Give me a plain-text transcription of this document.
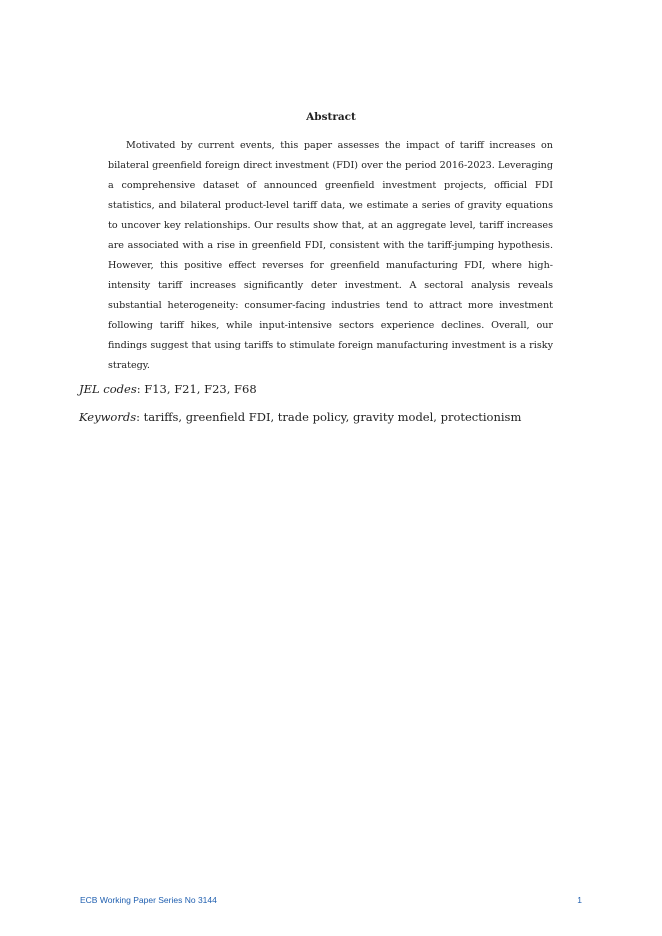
Abstract

Motivated by current events, this paper assesses the impact of tariff increases on bilateral greenfield foreign direct investment (FDI) over the period 2016-2023. Leveraging a comprehensive dataset of announced greenfield investment projects, official FDI statistics, and bilateral product-level tariff data, we estimate a series of gravity equations to uncover key relationships. Our results show that, at an aggregate level, tariff increases are associated with a rise in greenfield FDI, consistent with the tariff-jumping hypothesis. However, this positive effect reverses for greenfield manufacturing FDI, where high-intensity tariff increases significantly deter investment. A sectoral analysis reveals substantial heterogeneity: consumer-facing industries tend to attract more investment following tariff hikes, while input-intensive sectors experience declines. Overall, our findings suggest that using tariffs to stimulate foreign manufacturing investment is a risky strategy.

JEL codes: F13, F21, F23, F68
Keywords: tariffs, greenfield FDI, trade policy, gravity model, protectionism
ECB Working Paper Series No 3144	1
